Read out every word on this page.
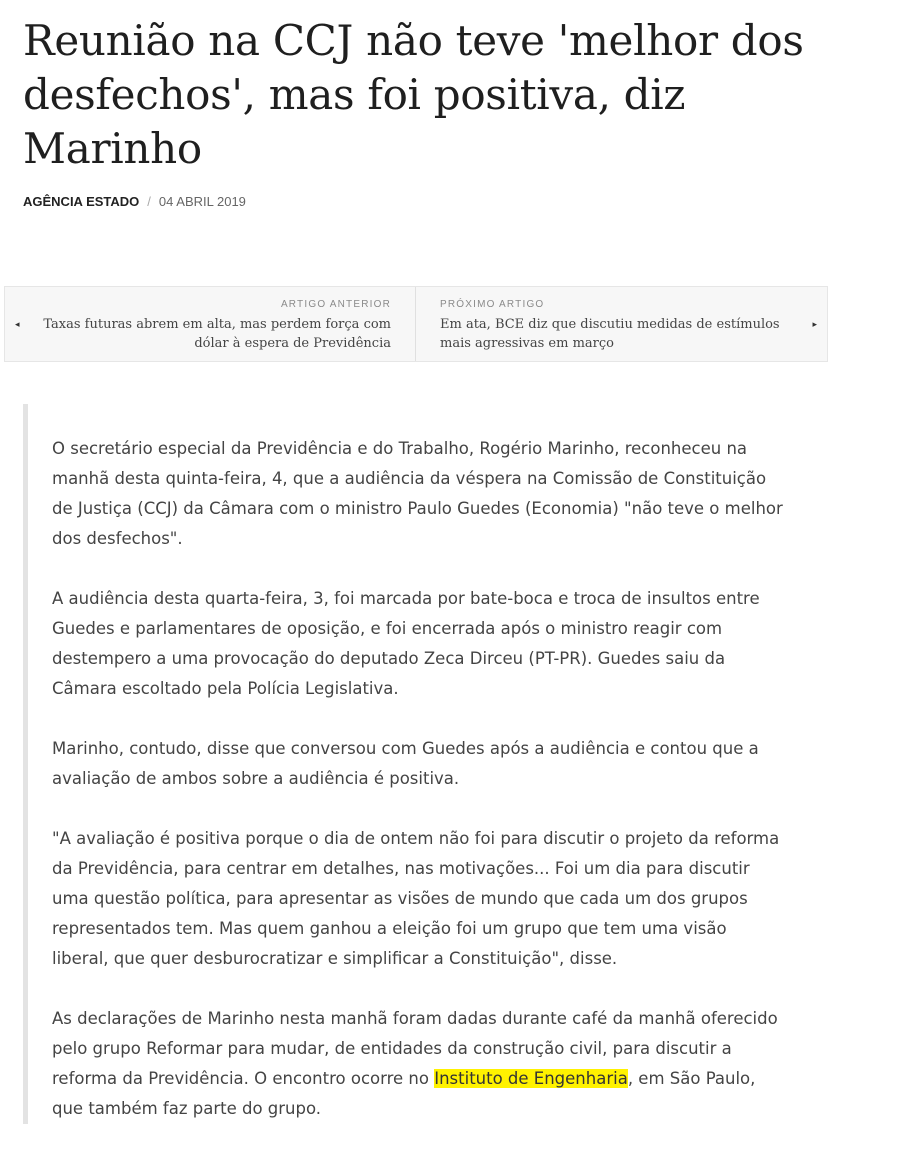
Reunião na CCJ não teve 'melhor dos desfechos', mas foi positiva, diz Marinho
AGÊNCIA ESTADO / 04 ABRIL 2019
◂
ARTIGO ANTERIOR
Taxas futuras abrem em alta, mas perdem força com dólar à espera de Previdência
▸
PRÓXIMO ARTIGO
Em ata, BCE diz que discutiu medidas de estímulos mais agressivas em março

O secretário especial da Previdência e do Trabalho, Rogério Marinho, reconheceu na manhã desta quinta-feira, 4, que a audiência da véspera na Comissão de Constituição de Justiça (CCJ) da Câmara com o ministro Paulo Guedes (Economia) "não teve o melhor dos desfechos".

A audiência desta quarta-feira, 3, foi marcada por bate-boca e troca de insultos entre Guedes e parlamentares de oposição, e foi encerrada após o ministro reagir com destempero a uma provocação do deputado Zeca Dirceu (PT-PR). Guedes saiu da Câmara escoltado pela Polícia Legislativa.

Marinho, contudo, disse que conversou com Guedes após a audiência e contou que a avaliação de ambos sobre a audiência é positiva.

"A avaliação é positiva porque o dia de ontem não foi para discutir o projeto da reforma da Previdência, para centrar em detalhes, nas motivações... Foi um dia para discutir uma questão política, para apresentar as visões de mundo que cada um dos grupos representados tem. Mas quem ganhou a eleição foi um grupo que tem uma visão liberal, que quer desburocratizar e simplificar a Constituição", disse.

As declarações de Marinho nesta manhã foram dadas durante café da manhã oferecido pelo grupo Reformar para mudar, de entidades da construção civil, para discutir a reforma da Previdência. O encontro ocorre no Instituto de Engenharia, em São Paulo, que também faz parte do grupo.
